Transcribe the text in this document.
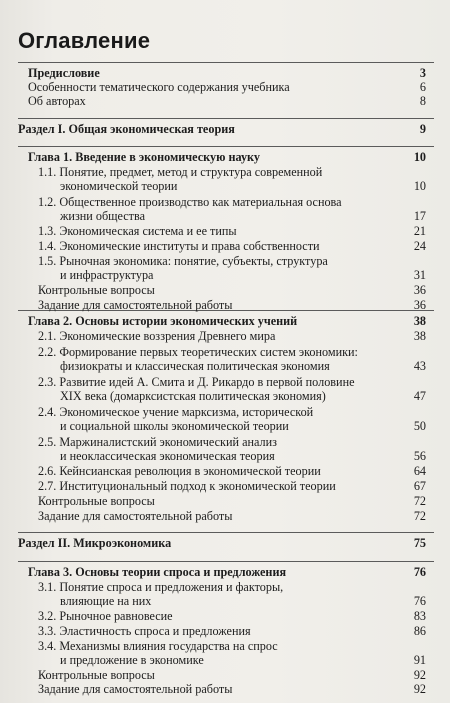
Оглавление
Предисловие	3
Особенности тематического содержания учебника	6
Об авторах	8
Раздел I. Общая экономическая теория	9
Глава 1. Введение в экономическую науку	10
1.1. Понятие, предмет, метод и структура современной
экономической теории	10
1.2. Общественное производство как материальная основа
жизни общества	17
1.3. Экономическая система и ее типы	21
1.4. Экономические институты и права собственности	24
1.5. Рыночная экономика: понятие, субъекты, структура
и инфраструктура	31
Контрольные вопросы	36
Задание для самостоятельной работы	36
Глава 2. Основы истории экономических учений	38
2.1. Экономические воззрения Древнего мира	38
2.2. Формирование первых теоретических систем экономики:
физиократы и классическая политическая экономия	43
2.3. Развитие идей А. Смита и Д. Рикардо в первой половине
XIX века (домарксистская политическая экономия)	47
2.4. Экономическое учение марксизма, исторической
и социальной школы экономической теории	50
2.5. Маржиналистский экономический анализ
и неоклассическая экономическая теория	56
2.6. Кейнсианская революция в экономической теории	64
2.7. Институциональный подход к экономической теории	67
Контрольные вопросы	72
Задание для самостоятельной работы	72
Раздел II. Микроэкономика	75
Глава 3. Основы теории спроса и предложения	76
3.1. Понятие спроса и предложения и факторы,
влияющие на них	76
3.2. Рыночное равновесие	83
3.3. Эластичность спроса и предложения	86
3.4. Механизмы влияния государства на спрос
и предложение в экономике	91
Контрольные вопросы	92
Задание для самостоятельной работы	92
